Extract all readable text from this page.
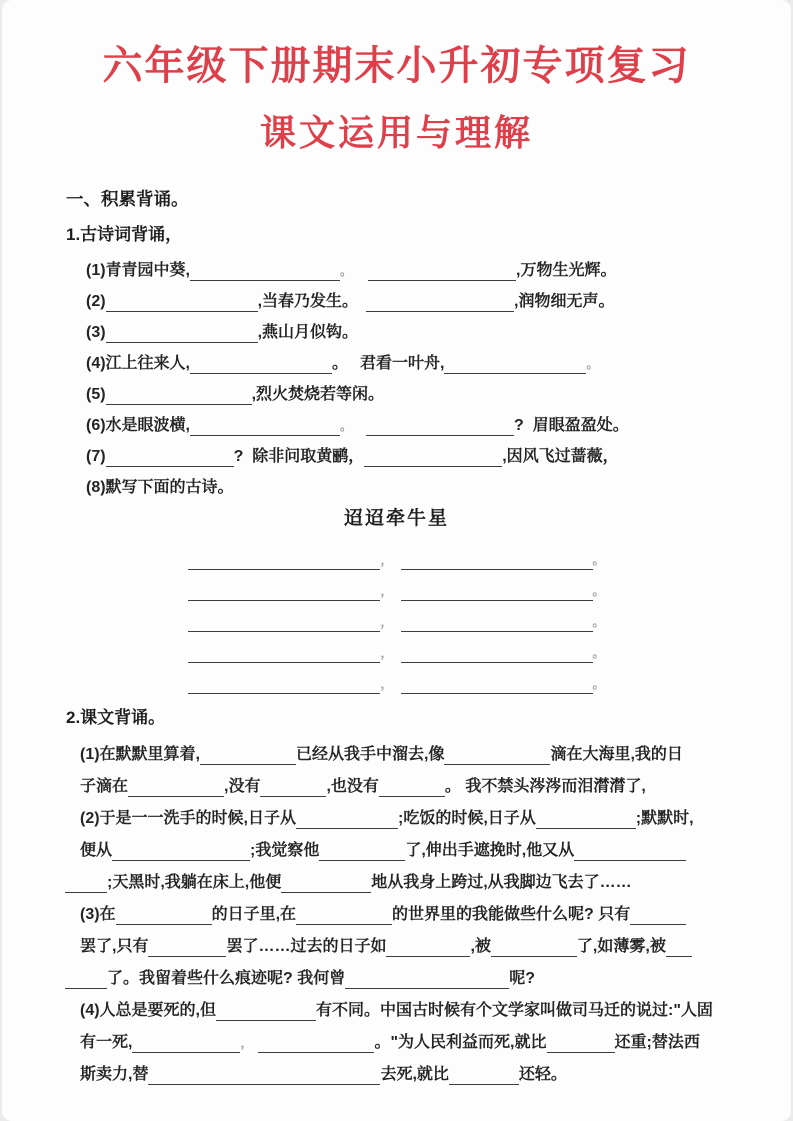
六年级下册期末小升初专项复习
课文运用与理解
一、积累背诵。
1.古诗词背诵，
(1)青青园中葵,	。	,万物生光辉。
(2)	,当春乃发生。	,润物细无声。
(3)	,燕山月似钩。
(4)江上往来人,	。 君看一叶舟,	。
(5)	,烈火焚烧若等闲。
(6)水是眼波横,	。	?  眉眼盈盈处。
(7)	?  除非问取黄鹂，	,因风飞过蔷薇，
(8)默写下面的古诗。
迢迢牵牛星
，	。
，	。
，	。
，	。
，	。
2.课文背诵。
(1)在默默里算着,	已经从我手中溜去,像	滴在大海里,我的日
子滴在	,没有	,也没有	。 我不禁头涔涔而泪潸潸了,
(2)于是一一洗手的时候,日子从	;吃饭的时候,日子从	;默默时,
便从	;我觉察他	了,伸出手遮挽时,他又从
;天黑时,我躺在床上,他便	地从我身上跨过,从我脚边飞去了……
(3)在	的日子里,在	的世界里的我能做些什么呢? 只有
罢了,只有	罢了……过去的日子如	,被	了,如薄雾,被
了。我留着些什么痕迹呢? 我何曾	呢?
(4)人总是要死的,但	有不同。中国古时候有个文学家叫做司马迁的说过:"人固
有一死,	，	。"为人民利益而死,就比	还重;替法西
斯卖力,替	去死,就比	还轻。
